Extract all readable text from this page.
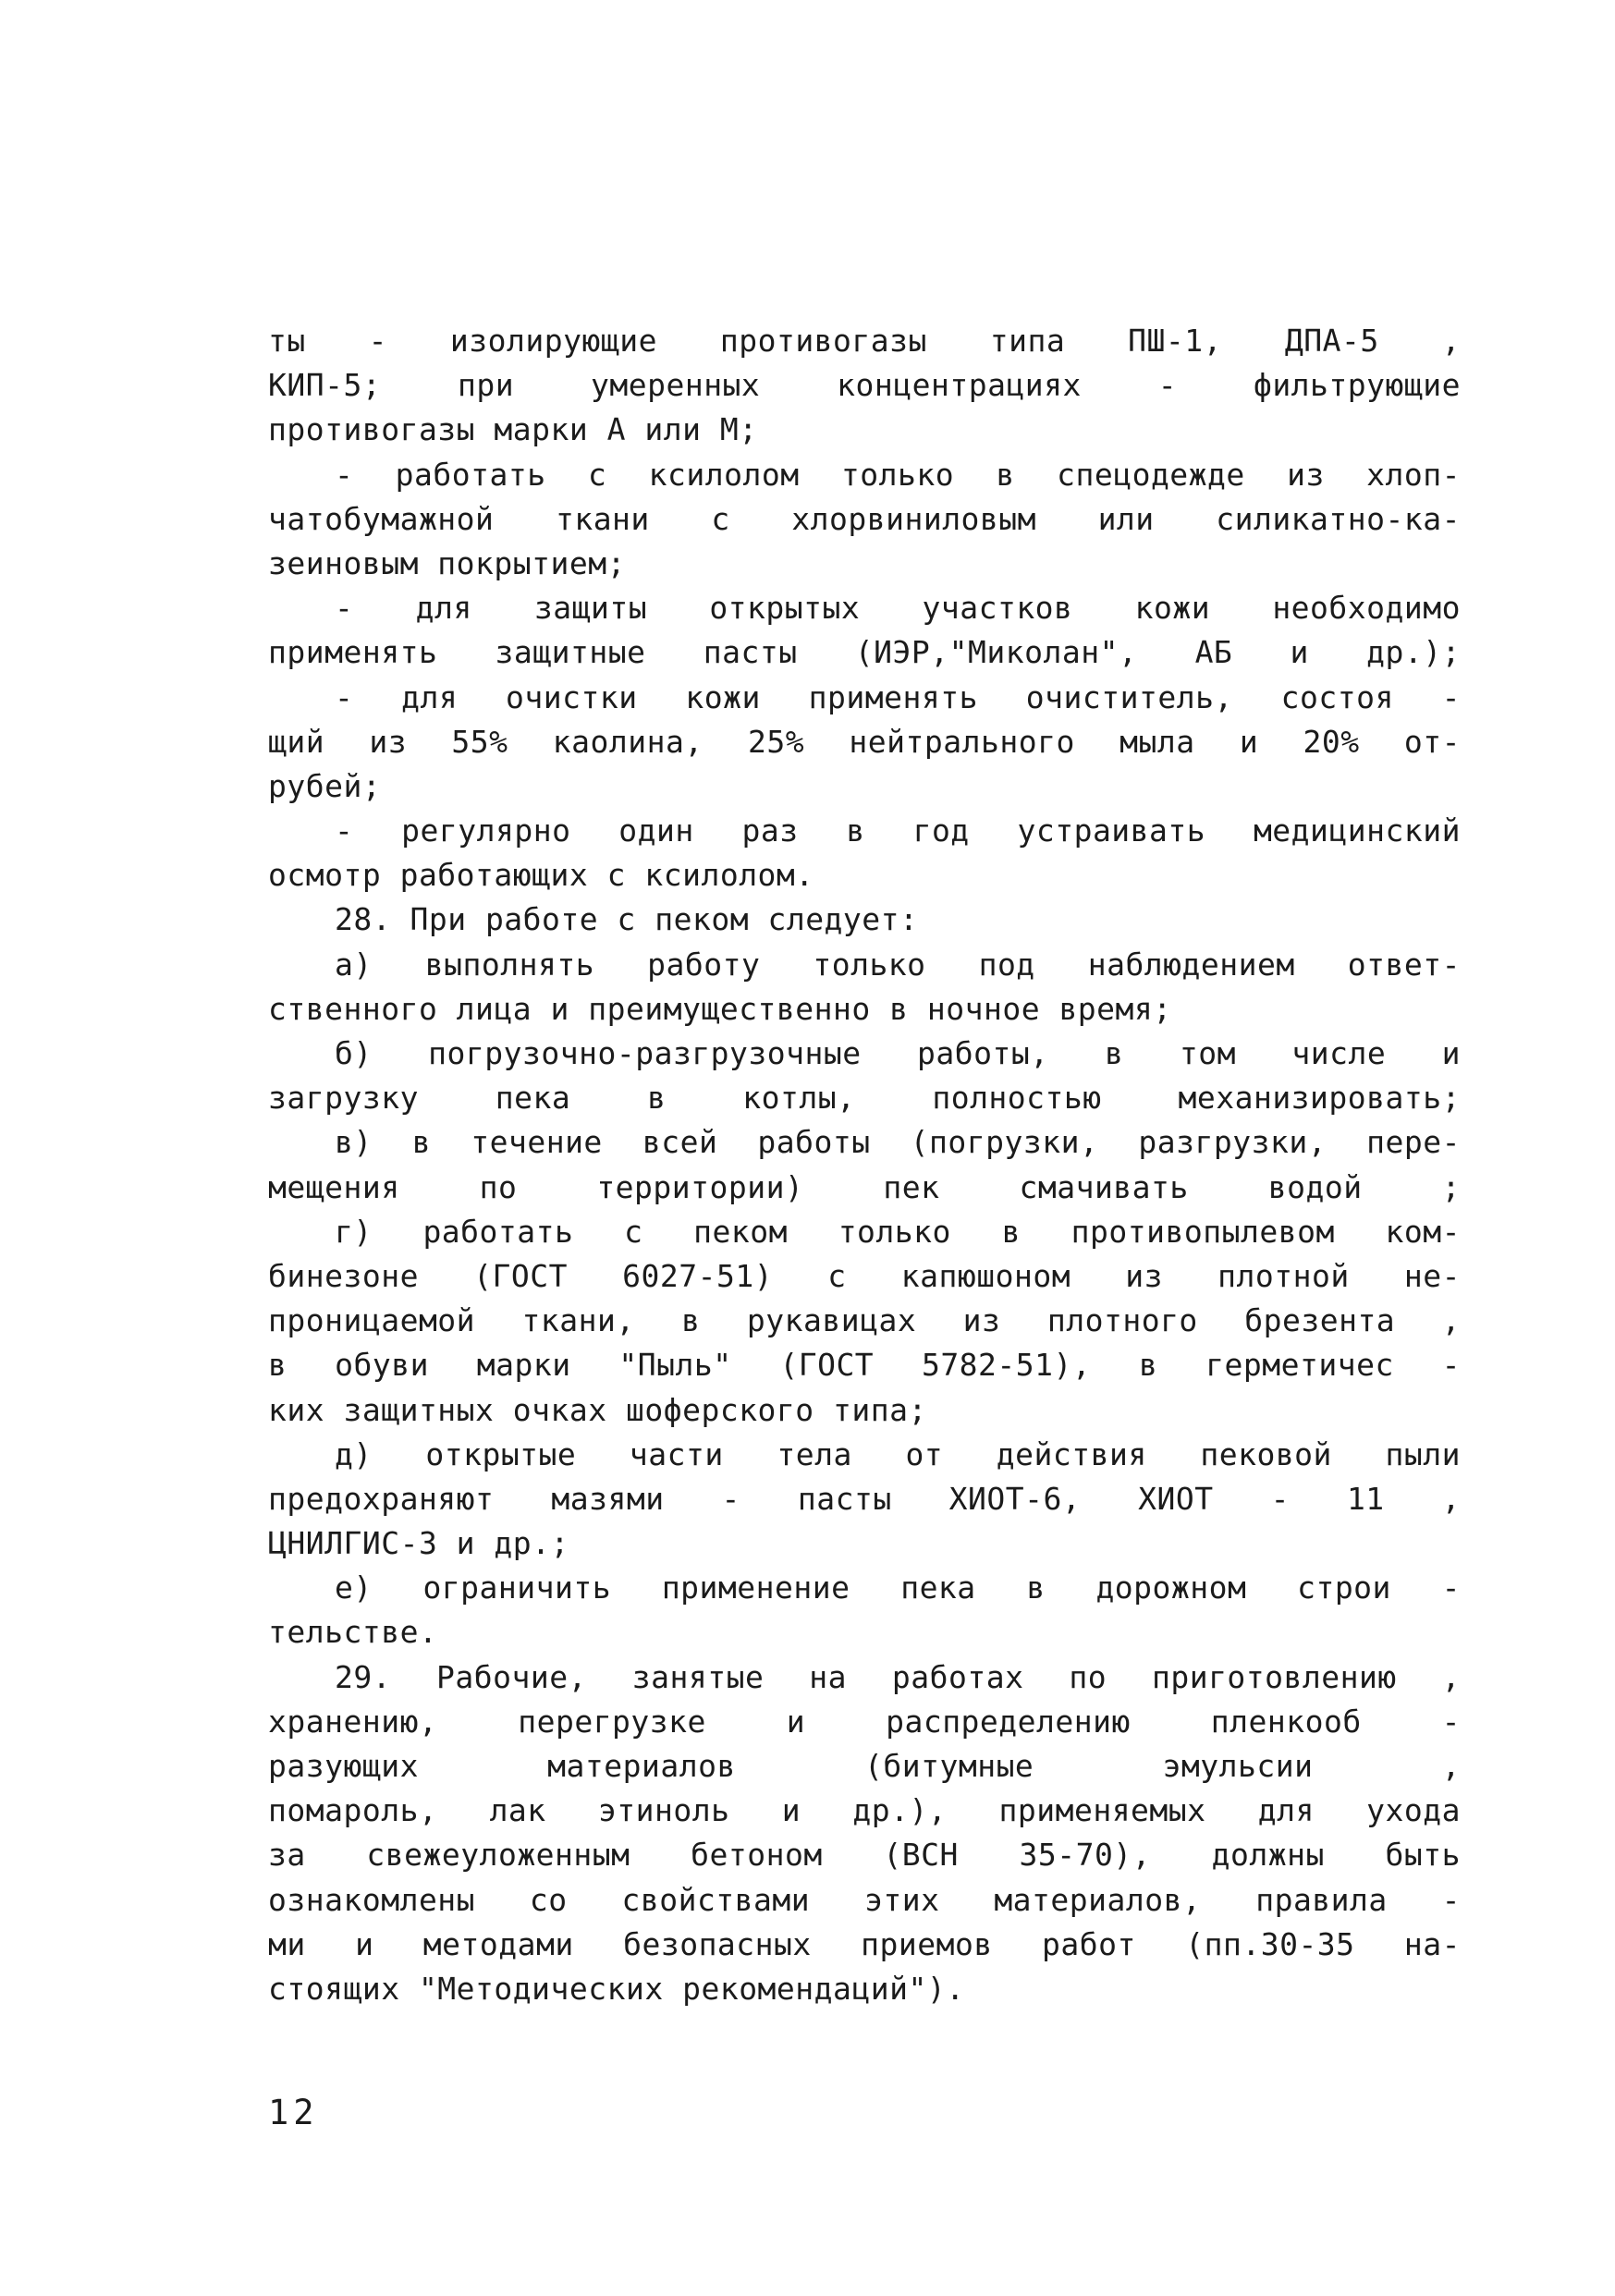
ты - изолирующие противогазы типа ПШ-1, ДПА-5 ,
КИП-5; при умеренных концентрациях - фильтрующие
противогазы марки А или М;
- работать с ксилолом только в спецодежде из хлоп-
чатобумажной ткани с хлорвиниловым или силикатно-ка-
зеиновым покрытием;
- для защиты открытых участков кожи необходимо
применять защитные пасты (ИЭР,"Миколан", АБ и др.);
- для очистки кожи применять очиститель, состоя -
щий из 55% каолина, 25% нейтрального мыла и 20% от-
рубей;
- регулярно один раз в год устраивать медицинский
осмотр работающих с ксилолом.
28. При работе с пеком следует:
а) выполнять работу только под наблюдением ответ-
ственного лица и преимущественно в ночное время;
б) погрузочно-разгрузочные работы, в том числе и
загрузку пека в котлы, полностью механизировать;
в) в течение всей работы (погрузки, разгрузки, пере-
мещения по территории) пек смачивать водой ;
г) работать с пеком только в противопылевом ком-
бинезоне (ГОСТ 6027-51) с капюшоном из плотной не-
проницаемой ткани, в рукавицах из плотного брезента ,
в обуви марки "Пыль" (ГОСТ 5782-51), в герметичес -
ких защитных очках шоферского типа;
д) открытые части тела от действия пековой пыли
предохраняют мазями - пасты ХИОТ-6, ХИОТ - 11 ,
ЦНИЛГИС-3 и др.;
е) ограничить применение пека в дорожном строи -
тельстве.
29. Рабочие, занятые на работах по приготовлению ,
хранению, перегрузке и распределению пленкооб -
разующих материалов (битумные эмульсии ,
помароль, лак этиноль и др.), применяемых для ухода
за свежеуложенным бетоном (ВСН 35-70), должны быть
ознакомлены со свойствами этих материалов, правила -
ми и методами безопасных приемов работ (пп.30-35 на-
стоящих "Методических рекомендаций").
12
